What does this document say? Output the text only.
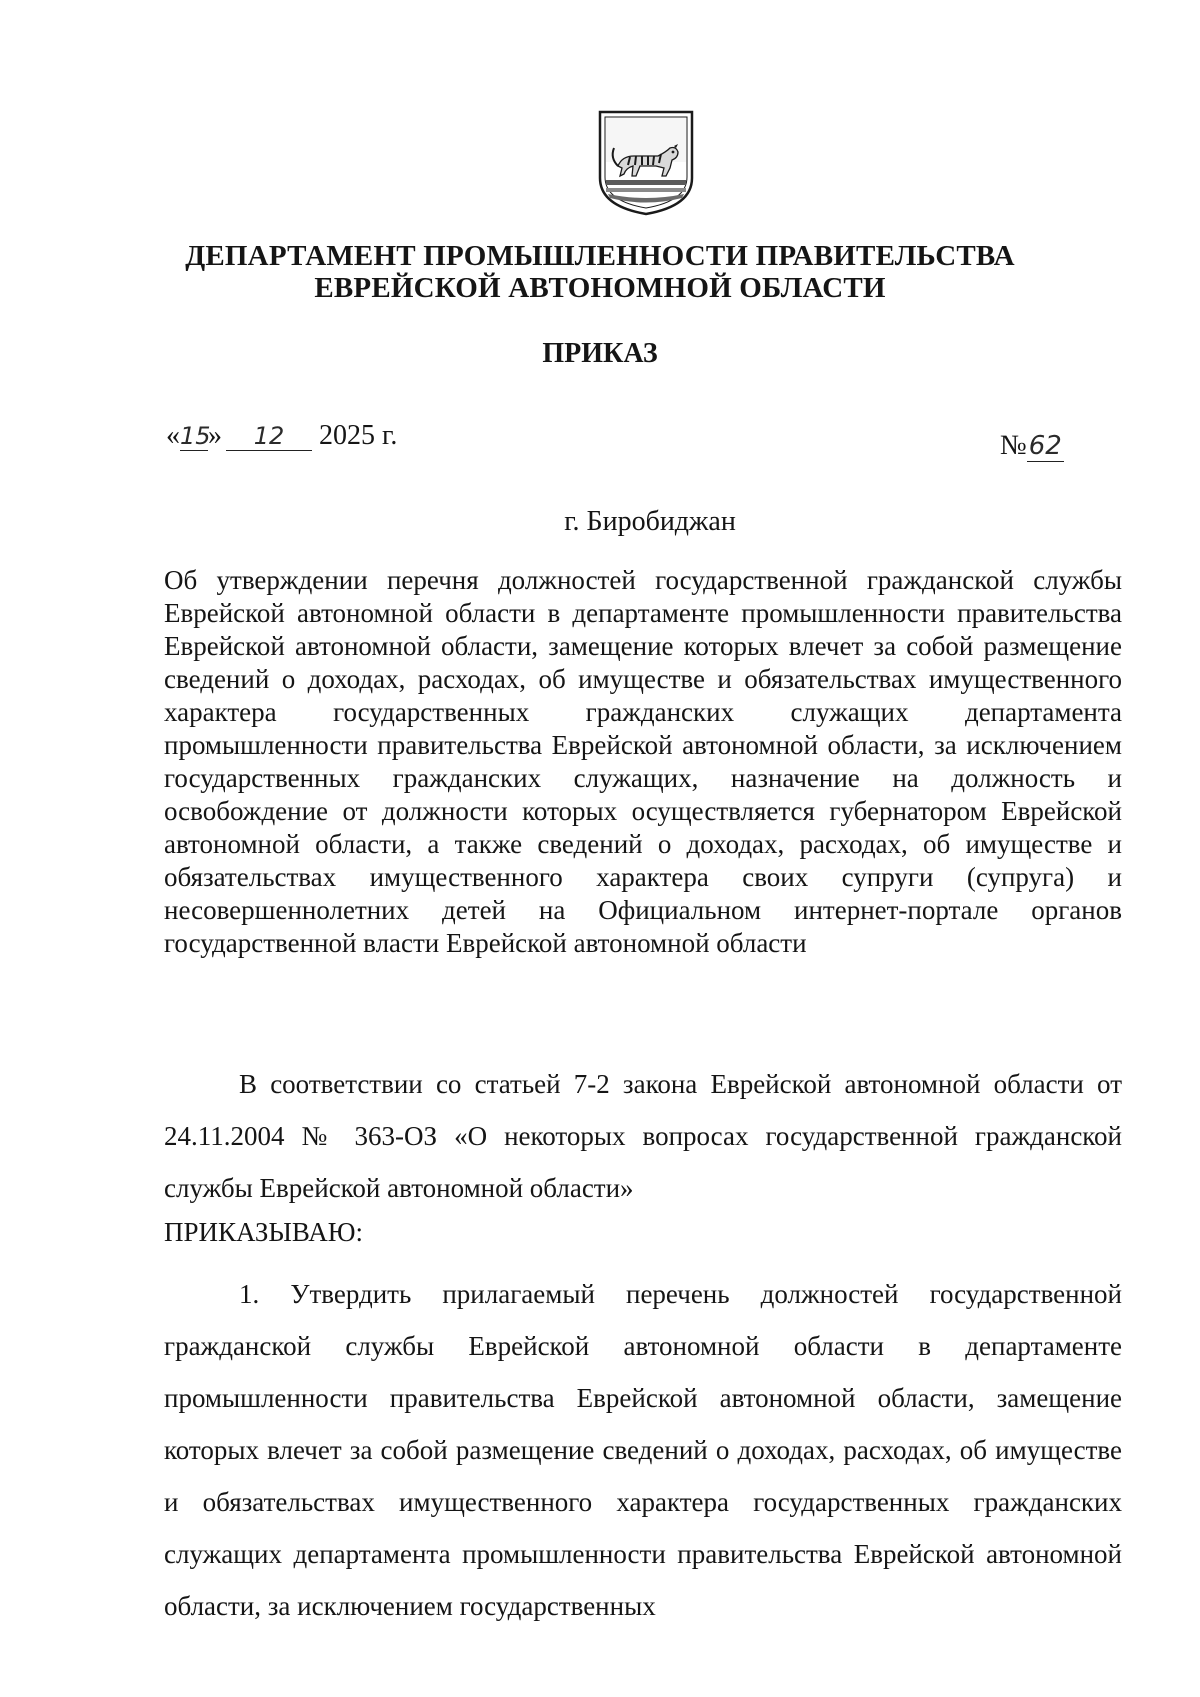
ДЕПАРТАМЕНТ ПРОМЫШЛЕННОСТИ ПРАВИТЕЛЬСТВА
ЕВРЕЙСКОЙ АВТОНОМНОЙ ОБЛАСТИ
ПРИКАЗ
«15» 12 2025 г.	№62
г. Биробиджан
Об утверждении перечня должностей государственной гражданской службы Еврейской автономной области в департаменте промышленности правительства Еврейской автономной области, замещение которых влечет за собой размещение сведений о доходах, расходах, об имуществе и обязательствах имущественного характера государственных гражданских служащих департамента промышленности правительства Еврейской автономной области, за исключением государственных гражданских служащих, назначение на должность и освобождение от должности которых осуществляется губернатором Еврейской автономной области, а также сведений о доходах, расходах, об имуществе и обязательствах имущественного характера своих супруги (супруга) и несовершеннолетних детей на Официальном интернет-портале органов государственной власти Еврейской автономной области
В соответствии со статьей 7-2 закона Еврейской автономной области от 24.11.2004 № 363-ОЗ «О некоторых вопросах государственной гражданской службы Еврейской автономной области»
ПРИКАЗЫВАЮ:
1. Утвердить прилагаемый перечень должностей государственной гражданской службы Еврейской автономной области в департаменте промышленности правительства Еврейской автономной области, замещение которых влечет за собой размещение сведений о доходах, расходах, об имуществе и обязательствах имущественного характера государственных гражданских служащих департамента промышленности правительства Еврейской автономной области, за исключением государственных
